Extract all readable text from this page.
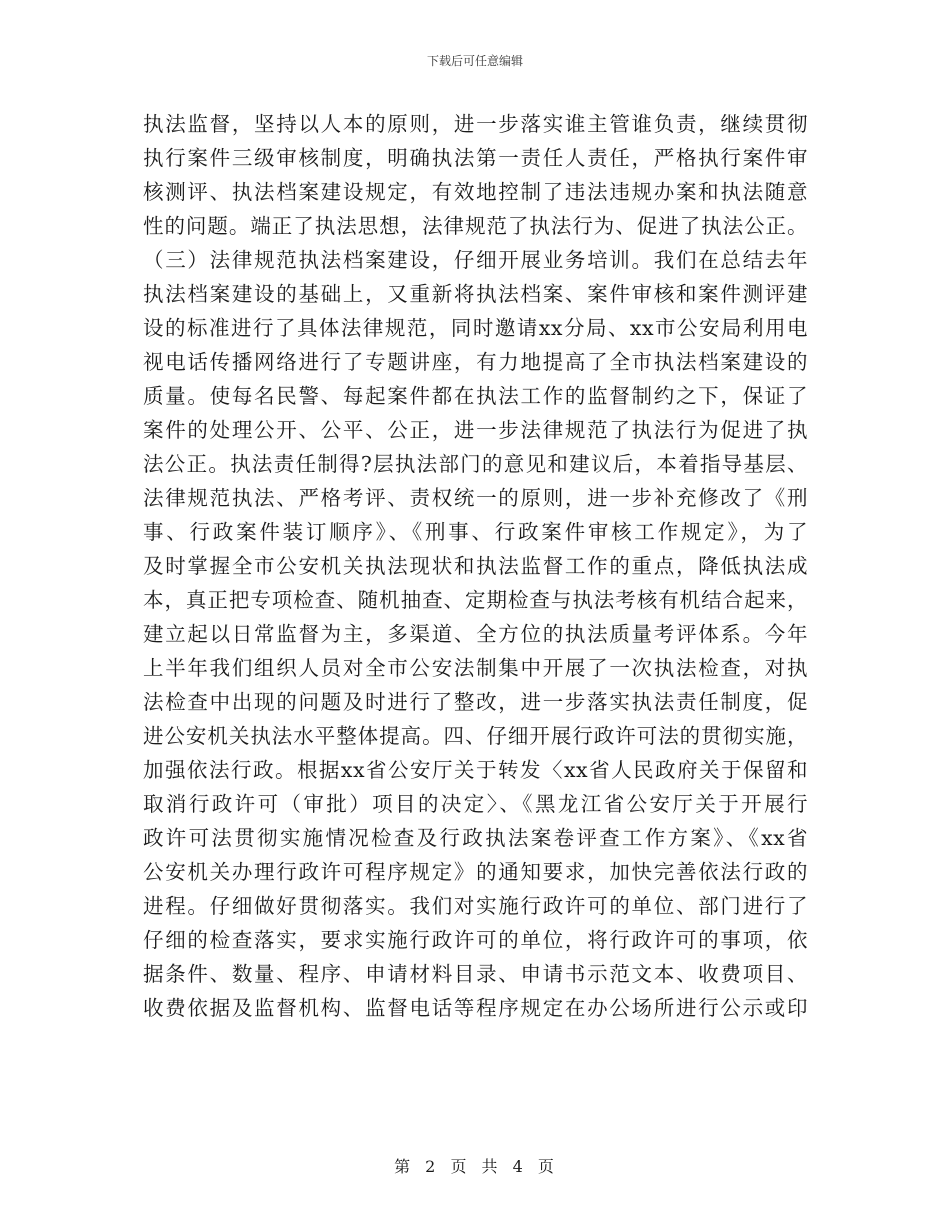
下载后可任意编辑
执法监督，坚持以人本的原则，进一步落实谁主管谁负责，继续贯彻
执行案件三级审核制度，明确执法第一责任人责任，严格执行案件审
核测评、执法档案建设规定，有效地控制了违法违规办案和执法随意
性的问题。端正了执法思想，法律规范了执法行为、促进了执法公正。
（三）法律规范执法档案建设，仔细开展业务培训。我们在总结去年
执法档案建设的基础上，又重新将执法档案、案件审核和案件测评建
设的标准进行了具体法律规范，同时邀请xx分局、xx市公安局利用电
视电话传播网络进行了专题讲座，有力地提高了全市执法档案建设的
质量。使每名民警、每起案件都在执法工作的监督制约之下，保证了
案件的处理公开、公平、公正，进一步法律规范了执法行为促进了执
法公正。执法责任制得?层执法部门的意见和建议后，本着指导基层、
法律规范执法、严格考评、责权统一的原则，进一步补充修改了《刑
事、行政案件装订顺序》、《刑事、行政案件审核工作规定》，为了
及时掌握全市公安机关执法现状和执法监督工作的重点，降低执法成
本，真正把专项检查、随机抽查、定期检查与执法考核有机结合起来，
建立起以日常监督为主，多渠道、全方位的执法质量考评体系。今年
上半年我们组织人员对全市公安法制集中开展了一次执法检查，对执
法检查中出现的问题及时进行了整改，进一步落实执法责任制度，促
进公安机关执法水平整体提高。四、仔细开展行政许可法的贯彻实施，
加强依法行政。根据xx省公安厅关于转发〈xx省人民政府关于保留和
取消行政许可（审批）项目的决定〉、《黑龙江省公安厅关于开展行
政许可法贯彻实施情况检查及行政执法案卷评查工作方案》、《xx省
公安机关办理行政许可程序规定》的通知要求，加快完善依法行政的
进程。仔细做好贯彻落实。我们对实施行政许可的单位、部门进行了
仔细的检查落实，要求实施行政许可的单位，将行政许可的事项，依
据条件、数量、程序、申请材料目录、申请书示范文本、收费项目、
收费依据及监督机构、监督电话等程序规定在办公场所进行公示或印
第 2 页 共 4 页
